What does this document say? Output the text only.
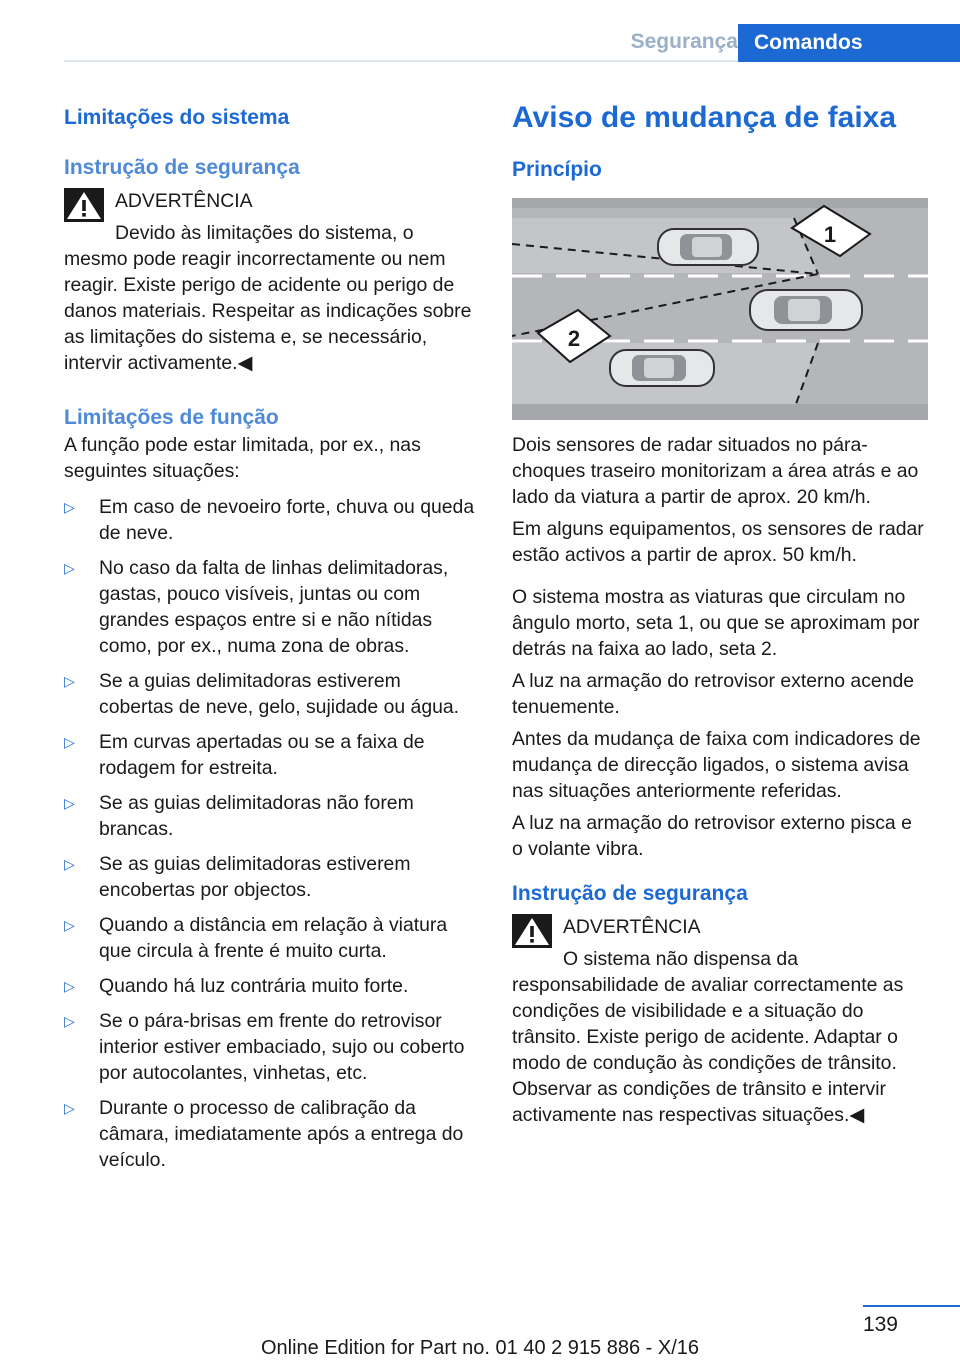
Segurança Comandos
Limitações do sistema
Instrução de segurança

ADVERTÊNCIA

Devido às limitações do sistema, o mesmo pode reagir incorrectamente ou nem reagir. Existe perigo de acidente ou perigo de danos materiais. Respeitar as indicações sobre as limitações do sistema e, se necessário, intervir activamente.◀

Limitações de função

A função pode estar limitada, por ex., nas seguintes situações:

▷ Em caso de nevoeiro forte, chuva ou queda de neve.
▷ No caso da falta de linhas delimitadoras, gastas, pouco visíveis, juntas ou com grandes espaços entre si e não nítidas como, por ex., numa zona de obras.
▷ Se a guias delimitadoras estiverem cobertas de neve, gelo, sujidade ou água.
▷ Em curvas apertadas ou se a faixa de rodagem for estreita.
▷ Se as guias delimitadoras não forem brancas.
▷ Se as guias delimitadoras estiverem encobertas por objectos.
▷ Quando a distância em relação à viatura que circula à frente é muito curta.
▷ Quando há luz contrária muito forte.
▷ Se o pára-brisas em frente do retrovisor interior estiver embaciado, sujo ou coberto por autocolantes, vinhetas, etc.
▷ Durante o processo de calibração da câmara, imediatamente após a entrega do veículo.
Aviso de mudança de faixa
Princípio
1
2

Dois sensores de radar situados no pára-choques traseiro monitorizam a área atrás e ao lado da viatura a partir de aprox. 20 km/h.

Em alguns equipamentos, os sensores de radar estão activos a partir de aprox. 50 km/h.

O sistema mostra as viaturas que circulam no ângulo morto, seta 1, ou que se aproximam por detrás na faixa ao lado, seta 2.

A luz na armação do retrovisor externo acende tenuemente.

Antes da mudança de faixa com indicadores de mudança de direcção ligados, o sistema avisa nas situações anteriormente referidas.

A luz na armação do retrovisor externo pisca e o volante vibra.

Instrução de segurança

ADVERTÊNCIA

O sistema não dispensa da responsabilidade de avaliar correctamente as condições de visibilidade e a situação do trânsito. Existe perigo de acidente. Adaptar o modo de condução às condições de trânsito. Observar as condições de trânsito e intervir activamente nas respectivas situações.◀

139
Online Edition for Part no. 01 40 2 915 886 - X/16
